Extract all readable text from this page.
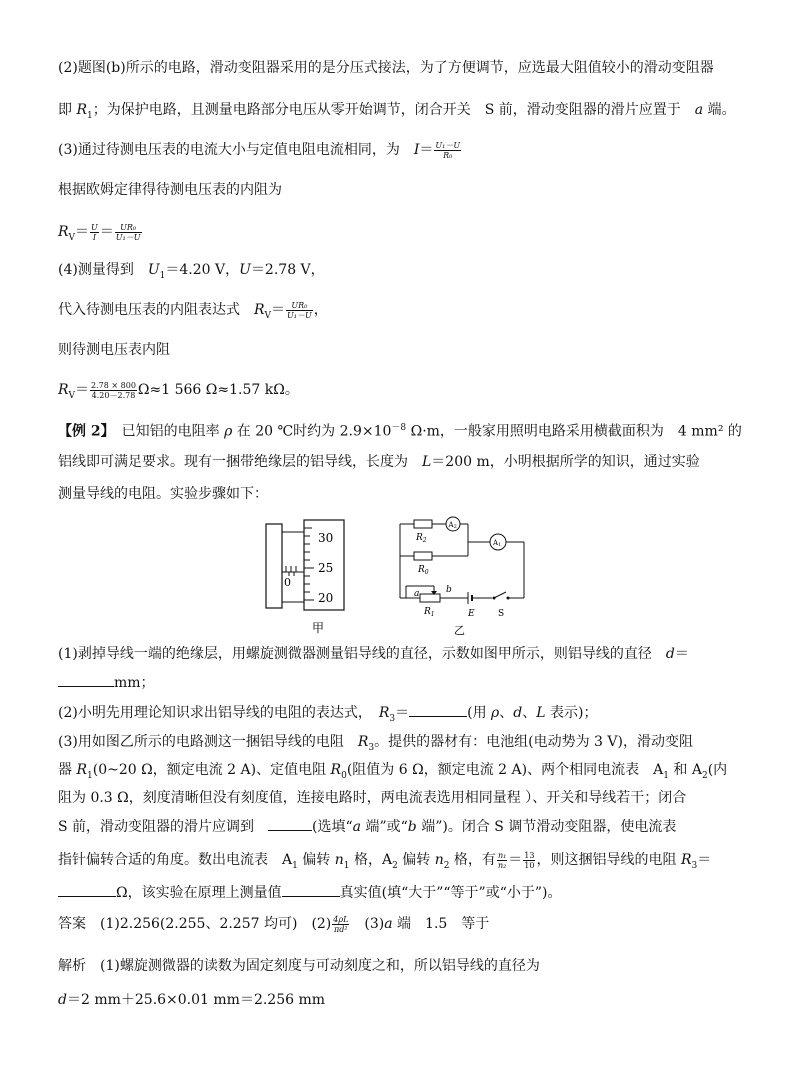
(2)题图(b)所示的电路，滑动变阻器采用的是分压式接法，为了方便调节，应选最大阻值较小的滑动变阻器
即 $R_1$；为保护电路，且测量电路部分电压从零开始调节，闭合开关　S 前，滑动变阻器的滑片应置于　a 端。
(3)通过待测电压表的电流大小与定值电阻电流相同，为　$I= \frac{\text{U₁－U}}{\text{R₀}}$
根据欧姆定律得待测电压表的内阻为
$R_V= \frac{U}{I} = \frac{\text{UR₀}}{\text{U₁－U}}$
(4)测量得到　$U_1=4.20$ V，U＝2.78 V，
代入待测电压表的内阻表达式　$R_V= \frac{\text{UR₀}}{\text{U₁－U}}$ ，
则待测电压表内阻
$R_V= \frac{2.78 \times 800}{4.20-2.78} \Omega\approx 1$ 566 Ω≈1.57 kΩ。
【例 2】　已知铝的电阻率 ρ 在 20 ℃时约为 $2.9\times 10^{-8}$ Ω·m，一般家用照明电路采用横截面积为　4 mm² 的
铝线即可满足要求。现有一捆带绝缘层的铝导线，长度为　L＝200 m，小明根据所学的知识，通过实验
测量导线的电阻。实验步骤如下：
0
30
25
20
甲
A2
$R_2$
$R_0$
A1
a	b
$R_1$	E	S
乙
(1)剥掉导线一端的绝缘层，用螺旋测微器测量铝导线的直径，示数如图甲所示，则铝导线的直径　d＝
mm；
(2)小明先用理论知识求出铝导线的电阻的表达式，　$R_3=$	(用 ρ、d、L 表示)；
(3)用如图乙所示的电路测这一捆铝导线的电阻　$R_3$。提供的器材有：电池组(电动势为 3 V)，滑动变阻
器 $R_1(0\sim 20$ Ω，额定电流 2 A)、定值电阻 $R_0$(阻值为 6 Ω，额定电流 2 A)、两个相同电流表　$A_1$ 和 $A_2$(内
阻为 0.3 Ω，刻度清晰但没有刻度值，连接电路时，两电流表选用相同量程 ）、开关和导线若干；闭合
S 前，滑动变阻器的滑片应调到　	(选填“a 端”或“b 端”)。闭合 S 调节滑动变阻器，使电流表
指针偏转合适的角度。数出电流表　$A_1$ 偏转 $n_1$ 格，$A_2$ 偏转 $n_2$ 格，有 $\frac{\text{n₁}}{\text{n₂}} = \frac{13}{10}$ ，则这捆铝导线的电阻 $R_3=$
Ω，该实验在原理上测量值	真实值(填“大于”“等于”或“小于”)。
答案　(1)2.256(2.255、2.257 均可)　$(2) \frac{4\rho L}{\text{πd²}}$ 　(3)a 端　1.5　等于
解析　(1)螺旋测微器的读数为固定刻度与可动刻度之和，所以铝导线的直径为
d＝2 mm＋25.6×0.01 mm＝2.256 mm
